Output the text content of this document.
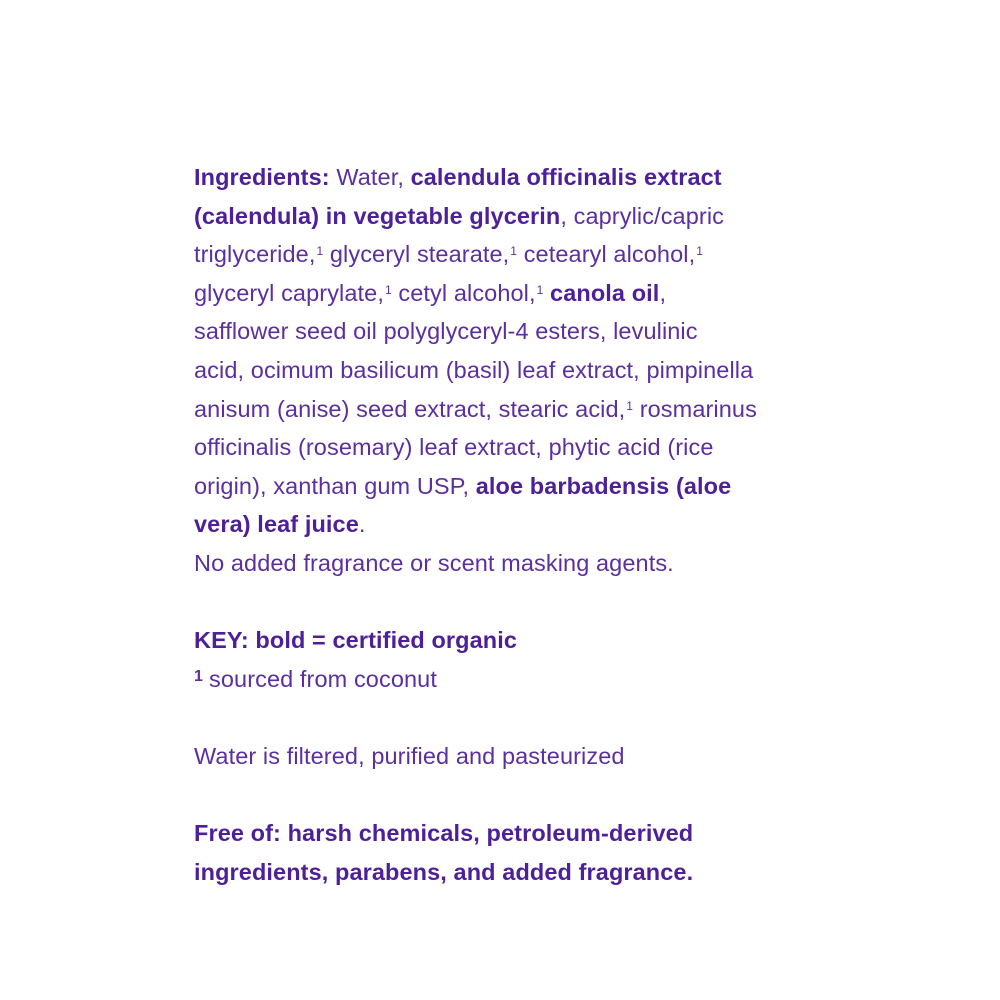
Ingredients: Water, calendula officinalis extract
(calendula) in vegetable glycerin, caprylic/capric
triglyceride,$^1$ glyceryl stearate,$^1$ cetearyl alcohol,$^1$
glyceryl caprylate,$^1$ cetyl alcohol,$^1$ canola oil,
safflower seed oil polyglyceryl-4 esters, levulinic
acid, ocimum basilicum (basil) leaf extract, pimpinella
anisum (anise) seed extract, stearic acid,$^1$ rosmarinus
officinalis (rosemary) leaf extract, phytic acid (rice
origin), xanthan gum USP, aloe barbadensis (aloe
vera) leaf juice.
No added fragrance or scent masking agents.
KEY: bold = certified organic
$^1$ sourced from coconut
Water is filtered, purified and pasteurized
Free of: harsh chemicals, petroleum-derived
ingredients, parabens, and added fragrance.
